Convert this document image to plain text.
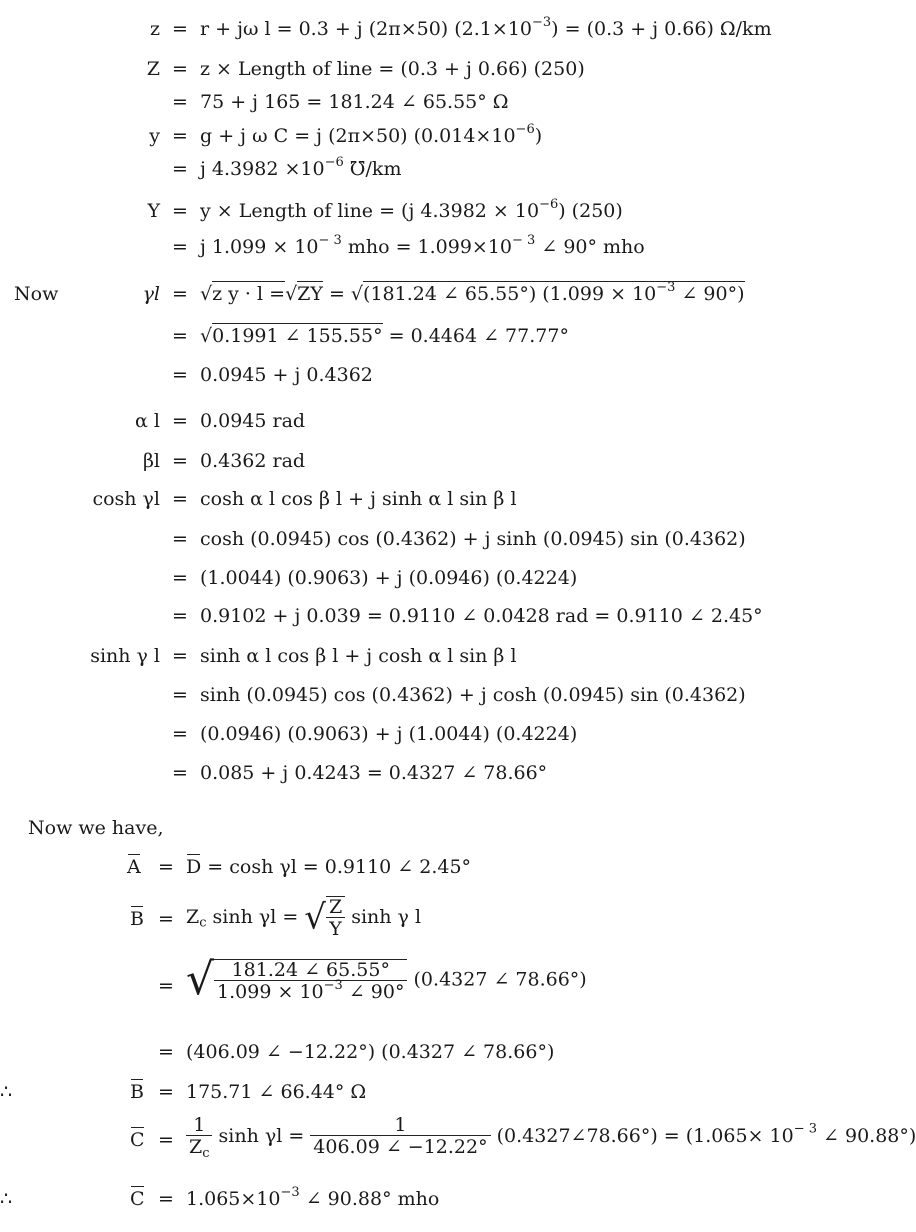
z = r + jω l = 0.3 + j (2π×50) $(2.1\times 10^{-3}) = (0.3 + j$ 0.66) Ω/km
Z = z × Length of line = (0.3 + j 0.66) (250)
= 75 + j 165 = 181.24 ∠ 65.55° Ω
y = g + j ω C = j (2π×50) $(0.014\times 10^{-6})$
= j $4.3982 \times 10^{-6}$ ℧/km
Y = y × Length of line = (j $4.3982 \times 10^{-6}$) (250)
= j $1.099 \times 10^{- 3}$ mho = $1.099\times 10^{- 3}$ ∠ 90° mho
Now	γl = √z y · l =√ZY = √(181.24 ∠ 65.55°) ($1.099 \times 10^{-3}$ ∠ 90°)
= √0.1991 ∠ 155.55° = 0.4464 ∠ 77.77°
= 0.0945 + j 0.4362
α l = 0.0945 rad
βl = 0.4362 rad
cosh γl = cosh α l cos β l + j sinh α l sin β l
= cosh (0.0945) cos (0.4362) + j sinh (0.0945) sin (0.4362)
= (1.0044) (0.9063) + j (0.0946) (0.4224)
= 0.9102 + j 0.039 = 0.9110 ∠ 0.0428 rad = 0.9110 ∠ 2.45°
sinh γ l = sinh α l cos β l + j cosh α l sin β l
= sinh (0.0945) cos (0.4362) + j cosh (0.0945) sin (0.4362)
= (0.0946) (0.9063) + j (1.0044) (0.4224)
= 0.085 + j 0.4243 = 0.4327 ∠ 78.66°
Now we have,
A = D = cosh γl = 0.9110 ∠ 2.45°
$B = Z_c$ sinh γl = √ $\frac{Z}{Y}$ sinh γ l
= √ $\frac{181.24 \angle 65.55^\circ}{1.099 \times 10^{-3} \angle 90^\circ} (0.4327$ ∠ 78.66°)
= (406.09 ∠ −12.22°) (0.4327 ∠ 78.66°)
∴	B = 175.71 ∠ 66.44° Ω
$C = \frac{1}{Z_c}$ $\sinh \gamma l = \frac{1}{406.09 \angle -12.22^\circ}$ (0.4327∠78.66°) = ($1.065\times 10^{- 3}$ ∠ 90.88°)
∴	$C = 1.065\times 10^{-3}$ ∠ 90.88° mho
